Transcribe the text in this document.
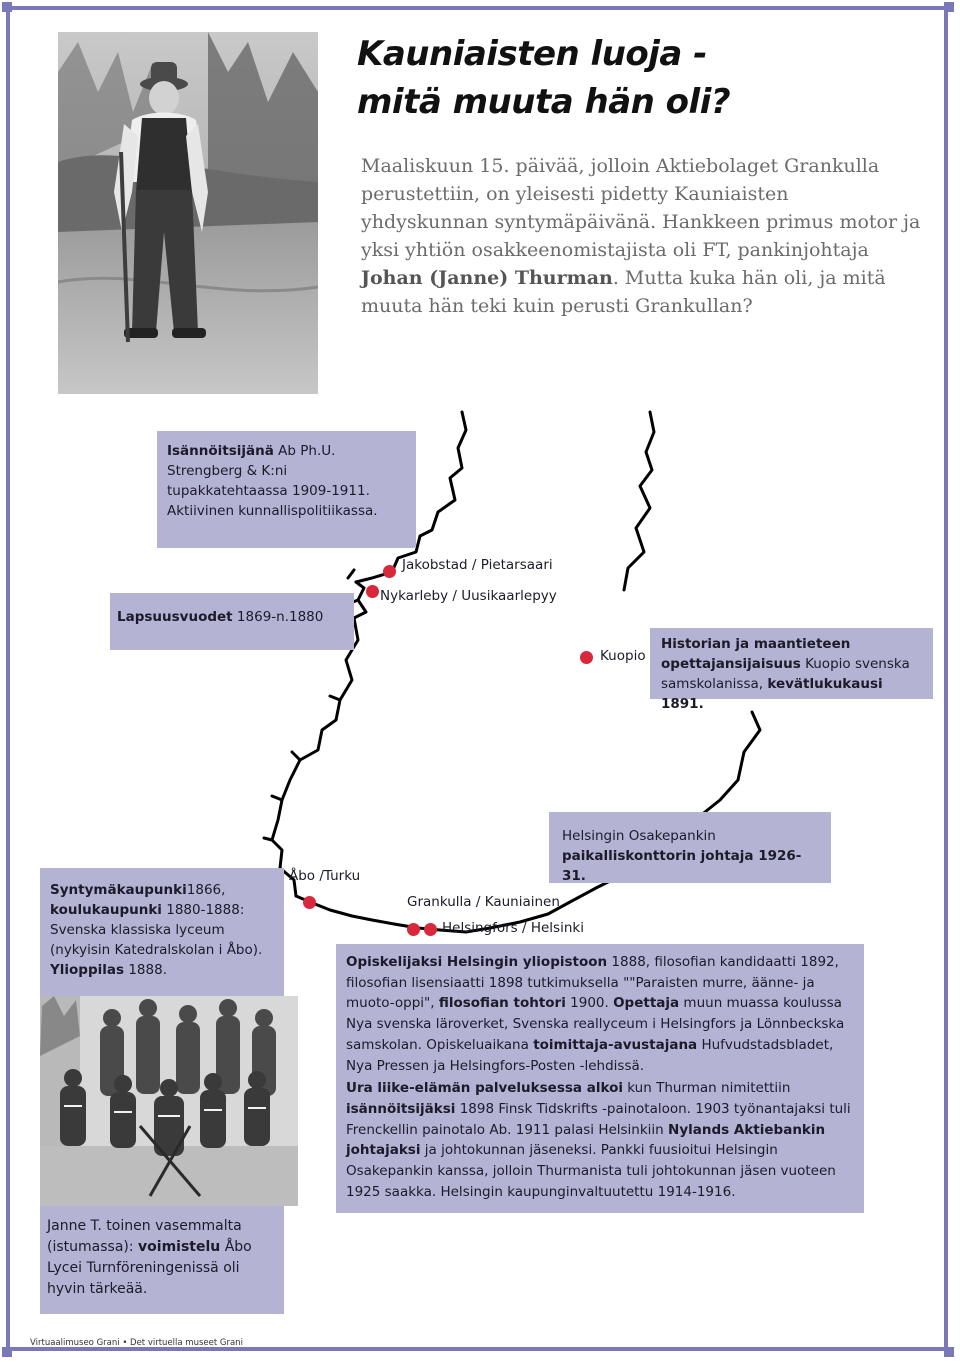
Kauniaisten luoja -
mitä muuta hän oli?
Maaliskuun 15. päivää, jolloin Aktiebolaget Grankulla perustettiin, on yleisesti pidetty Kauniaisten yhdyskunnan syntymäpäivänä. Hankkeen primus motor ja yksi yhtiön osakkeenomistajista oli FT, pankinjohtaja Johan (Janne) Thurman. Mutta kuka hän oli, ja mitä muuta hän teki kuin perusti Grankullan?
Jakobstad / Pietarsaari
Nykarleby / Uusikaarlepyy
Kuopio
Åbo /Turku
Grankulla / Kauniainen
Helsingfors / Helsinki
Isännöitsijänä Ab Ph.U. Strengberg & K:ni tupakkatehtaassa 1909-1911. Aktiivinen kunnallispolitiikassa.
Lapsuusvuodet 1869-n.1880
Historian ja maantieteen opettajansijaisuus Kuopio svenska samskolanissa, kevätlukukausi 1891.
Helsingin Osakepankin paikalliskonttorin johtaja 1926-31.
Syntymäkaupunki1866, koulukaupunki 1880-1888: Svenska klassiska lyceum (nykyisin Katedralskolan i Åbo). Ylioppilas 1888.
Janne T. toinen vasemmalta (istumassa): voimistelu Åbo Lycei Turnföreningenissä oli hyvin tärkeää.
Opiskelijaksi Helsingin yliopistoon 1888, filosofian kandidaatti 1892, filosofian lisensiaatti 1898 tutkimuksella ""Paraisten murre, äänne- ja muoto-oppi", filosofian tohtori 1900. Opettaja muun muassa koulussa Nya svenska läroverket, Svenska reallyceum i Helsingfors ja Lönnbeckska samskolan. Opiskeluaikana toimittaja-avustajana Hufvudstadsbladet, Nya Pressen ja Helsingfors-Posten -lehdissä.
Ura liike-elämän palveluksessa alkoi kun Thurman nimitettiin isännöitsijäksi 1898 Finsk Tidskrifts -painotaloon. 1903 työnantajaksi tuli Frenckellin painotalo Ab. 1911 palasi Helsinkiin Nylands Aktiebankin johtajaksi ja johtokunnan jäseneksi. Pankki fuusioitui Helsingin Osakepankin kanssa, jolloin Thurmanista tuli johtokunnan jäsen vuoteen 1925 saakka. Helsingin kaupunginvaltuutettu 1914-1916.
Virtuaalimuseo Grani • Det virtuella museet Grani
